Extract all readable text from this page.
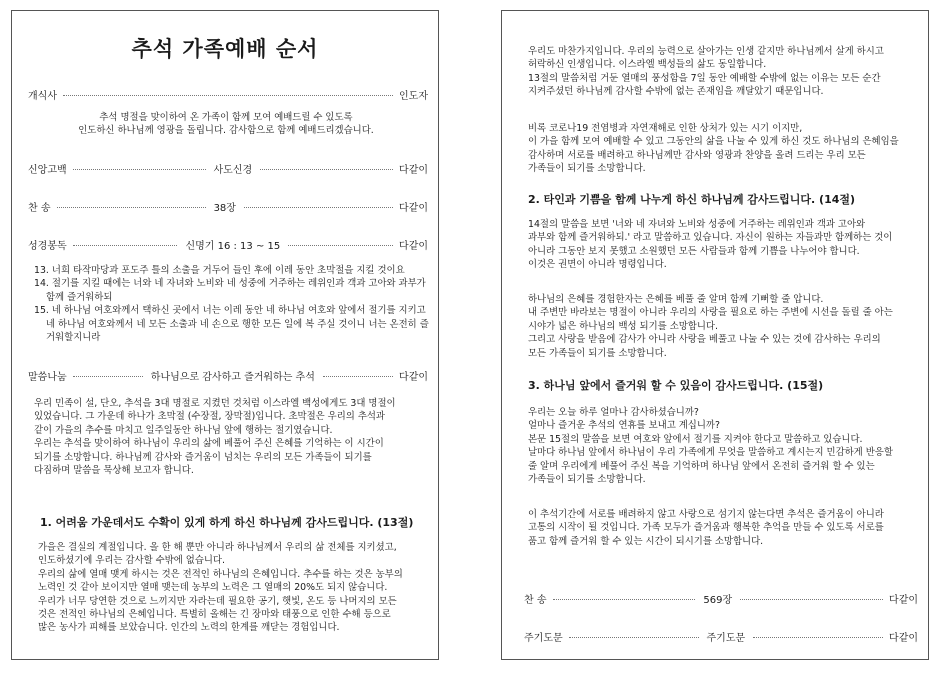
추석 가족예배 순서
개식사	인도자
추석 명절을 맞이하여 온 가족이 함께 모여 예배드릴 수 있도록
인도하신 하나님께 영광을 돌립니다. 감사함으로 함께 예배드리겠습니다.
신앙고백	사도신경	다같이
찬 송	38장	다같이
성경봉독	신명기 16 : 13 ~ 15	다같이
13. 너희 타작마당과 포도주 틀의 소출을 거두어 들인 후에 이레 동안 초막절을 지킬 것이요
14. 절기를 지킬 때에는 너와 네 자녀와 노비와 네 성중에 거주하는 레위인과 객과 고아와 과부가 함께 즐거워하되
15. 네 하나님 여호와께서 택하신 곳에서 너는 이레 동안 네 하나님 여호와 앞에서 절기를 지키고 네 하나님 여호와께서 네 모든 소출과 네 손으로 행한 모든 일에 복 주실 것이니 너는 온전히 즐거워할지니라
말씀나눔	하나님으로 감사하고 즐거워하는 추석	다같이
우리 민족이 설, 단오, 추석을 3대 명절로 지켰던 것처럼 이스라엘 백성에게도 3대 명절이
있었습니다. 그 가운데 하나가 초막절 (수장절, 장막절)입니다. 초막절은 우리의 추석과
같이 가을의 추수를 마치고 일주일동안 하나님 앞에 행하는 절기였습니다.
우리는 추석을 맞이하여 하나님이 우리의 삶에 베풀어 주신 은혜를 기억하는 이 시간이
되기를 소망합니다. 하나님께 감사와 즐거움이 넘치는 우리의 모든 가족들이 되기를
다짐하며 말씀을 묵상해 보고자 합니다.
1. 어려움 가운데서도 수확이 있게 하게 하신 하나님께 감사드립니다. (13절)
가을은 결실의 계절입니다. 올 한 해 뿐만 아니라 하나님께서 우리의 삶 전체를 지키셨고,
인도하셨기에 우리는 감사할 수밖에 없습니다.
우리의 삶에 열매 맺게 하시는 것은 전적인 하나님의 은혜입니다. 추수를 하는 것은 농부의
노력인 것 같아 보이지만 열매 맺는데 농부의 노력은 그 열매의 20%도 되지 않습니다.
우리가 너무 당연한 것으로 느끼지만 자라는데 필요한 공기, 햇빛, 온도 등 나머지의 모든
것은 전적인 하나님의 은혜입니다. 특별히 올해는 긴 장마와 태풍으로 인한 수해 등으로
많은 농사가 피해를 보았습니다. 인간의 노력의 한계를 깨닫는 경험입니다.
우리도 마찬가지입니다. 우리의 능력으로 살아가는 인생 같지만 하나님께서 살게 하시고
허락하신 인생입니다. 이스라엘 백성들의 삶도 동일합니다.
13절의 말씀처럼 거둔 열매의 풍성함을 7일 동안 예배할 수밖에 없는 이유는 모든 순간
지켜주셨던 하나님께 감사할 수밖에 없는 존재임을 깨달았기 때문입니다.
비록 코로나19 전염병과 자연재해로 인한 상처가 있는 시기 이지만,
이 가을 함께 모여 예배할 수 있고 그동안의 삶을 나눌 수 있게 하신 것도 하나님의 은혜임을
감사하며 서로를 배려하고 하나님께만 감사와 영광과 찬양을 올려 드리는 우리 모든
가족들이 되기를 소망합니다.
2. 타인과 기쁨을 함께 나누게 하신 하나님께 감사드립니다. (14절)
14절의 말씀을 보면 '너와 네 자녀와 노비와 성중에 거주하는 레위인과 객과 고아와
과부와 함께 즐거워하되.' 라고 말씀하고 있습니다. 자신이 원하는 자들과만 함께하는 것이
아니라 그동안 보지 못했고 소원했던 모든 사람들과 함께 기쁨을 나누어야 합니다.
이것은 권면이 아니라 명령입니다.
하나님의 은혜를 경험한자는 은혜를 베풀 줄 알며 함께 기뻐할 줄 압니다.
내 주변만 바라보는 명절이 아니라 우리의 사랑을 필요로 하는 주변에 시선을 돌릴 줄 아는
시야가 넓은 하나님의 백성 되기를 소망합니다.
그리고 사랑을 받음에 감사가 아니라 사랑을 베풀고 나눌 수 있는 것에 감사하는 우리의
모든 가족들이 되기를 소망합니다.
3. 하나님 앞에서 즐거워 할 수 있음이 감사드립니다. (15절)
우리는 오늘 하루 얼마나 감사하셨습니까?
얼마나 즐거운 추석의 연휴를 보내고 계십니까?
본문 15절의 말씀을 보면 여호와 앞에서 절기를 지켜야 한다고 말씀하고 있습니다.
날마다 하나님 앞에서 하나님이 우리 가족에게 무엇을 말씀하고 계시는지 민감하게 반응할
줄 알며 우리에게 베풀어 주신 복을 기억하며 하나님 앞에서 온전히 즐거워 할 수 있는
가족들이 되기를 소망합니다.
이 추석기간에 서로를 배려하지 않고 사랑으로 섬기지 않는다면 추석은 즐거움이 아니라
고통의 시작이 될 것입니다. 가족 모두가 즐거움과 행복한 추억을 만들 수 있도록 서로를
품고 함께 즐거워 할 수 있는 시간이 되시기를 소망합니다.
찬 송	569장	다같이
주기도문	주기도문	다같이
